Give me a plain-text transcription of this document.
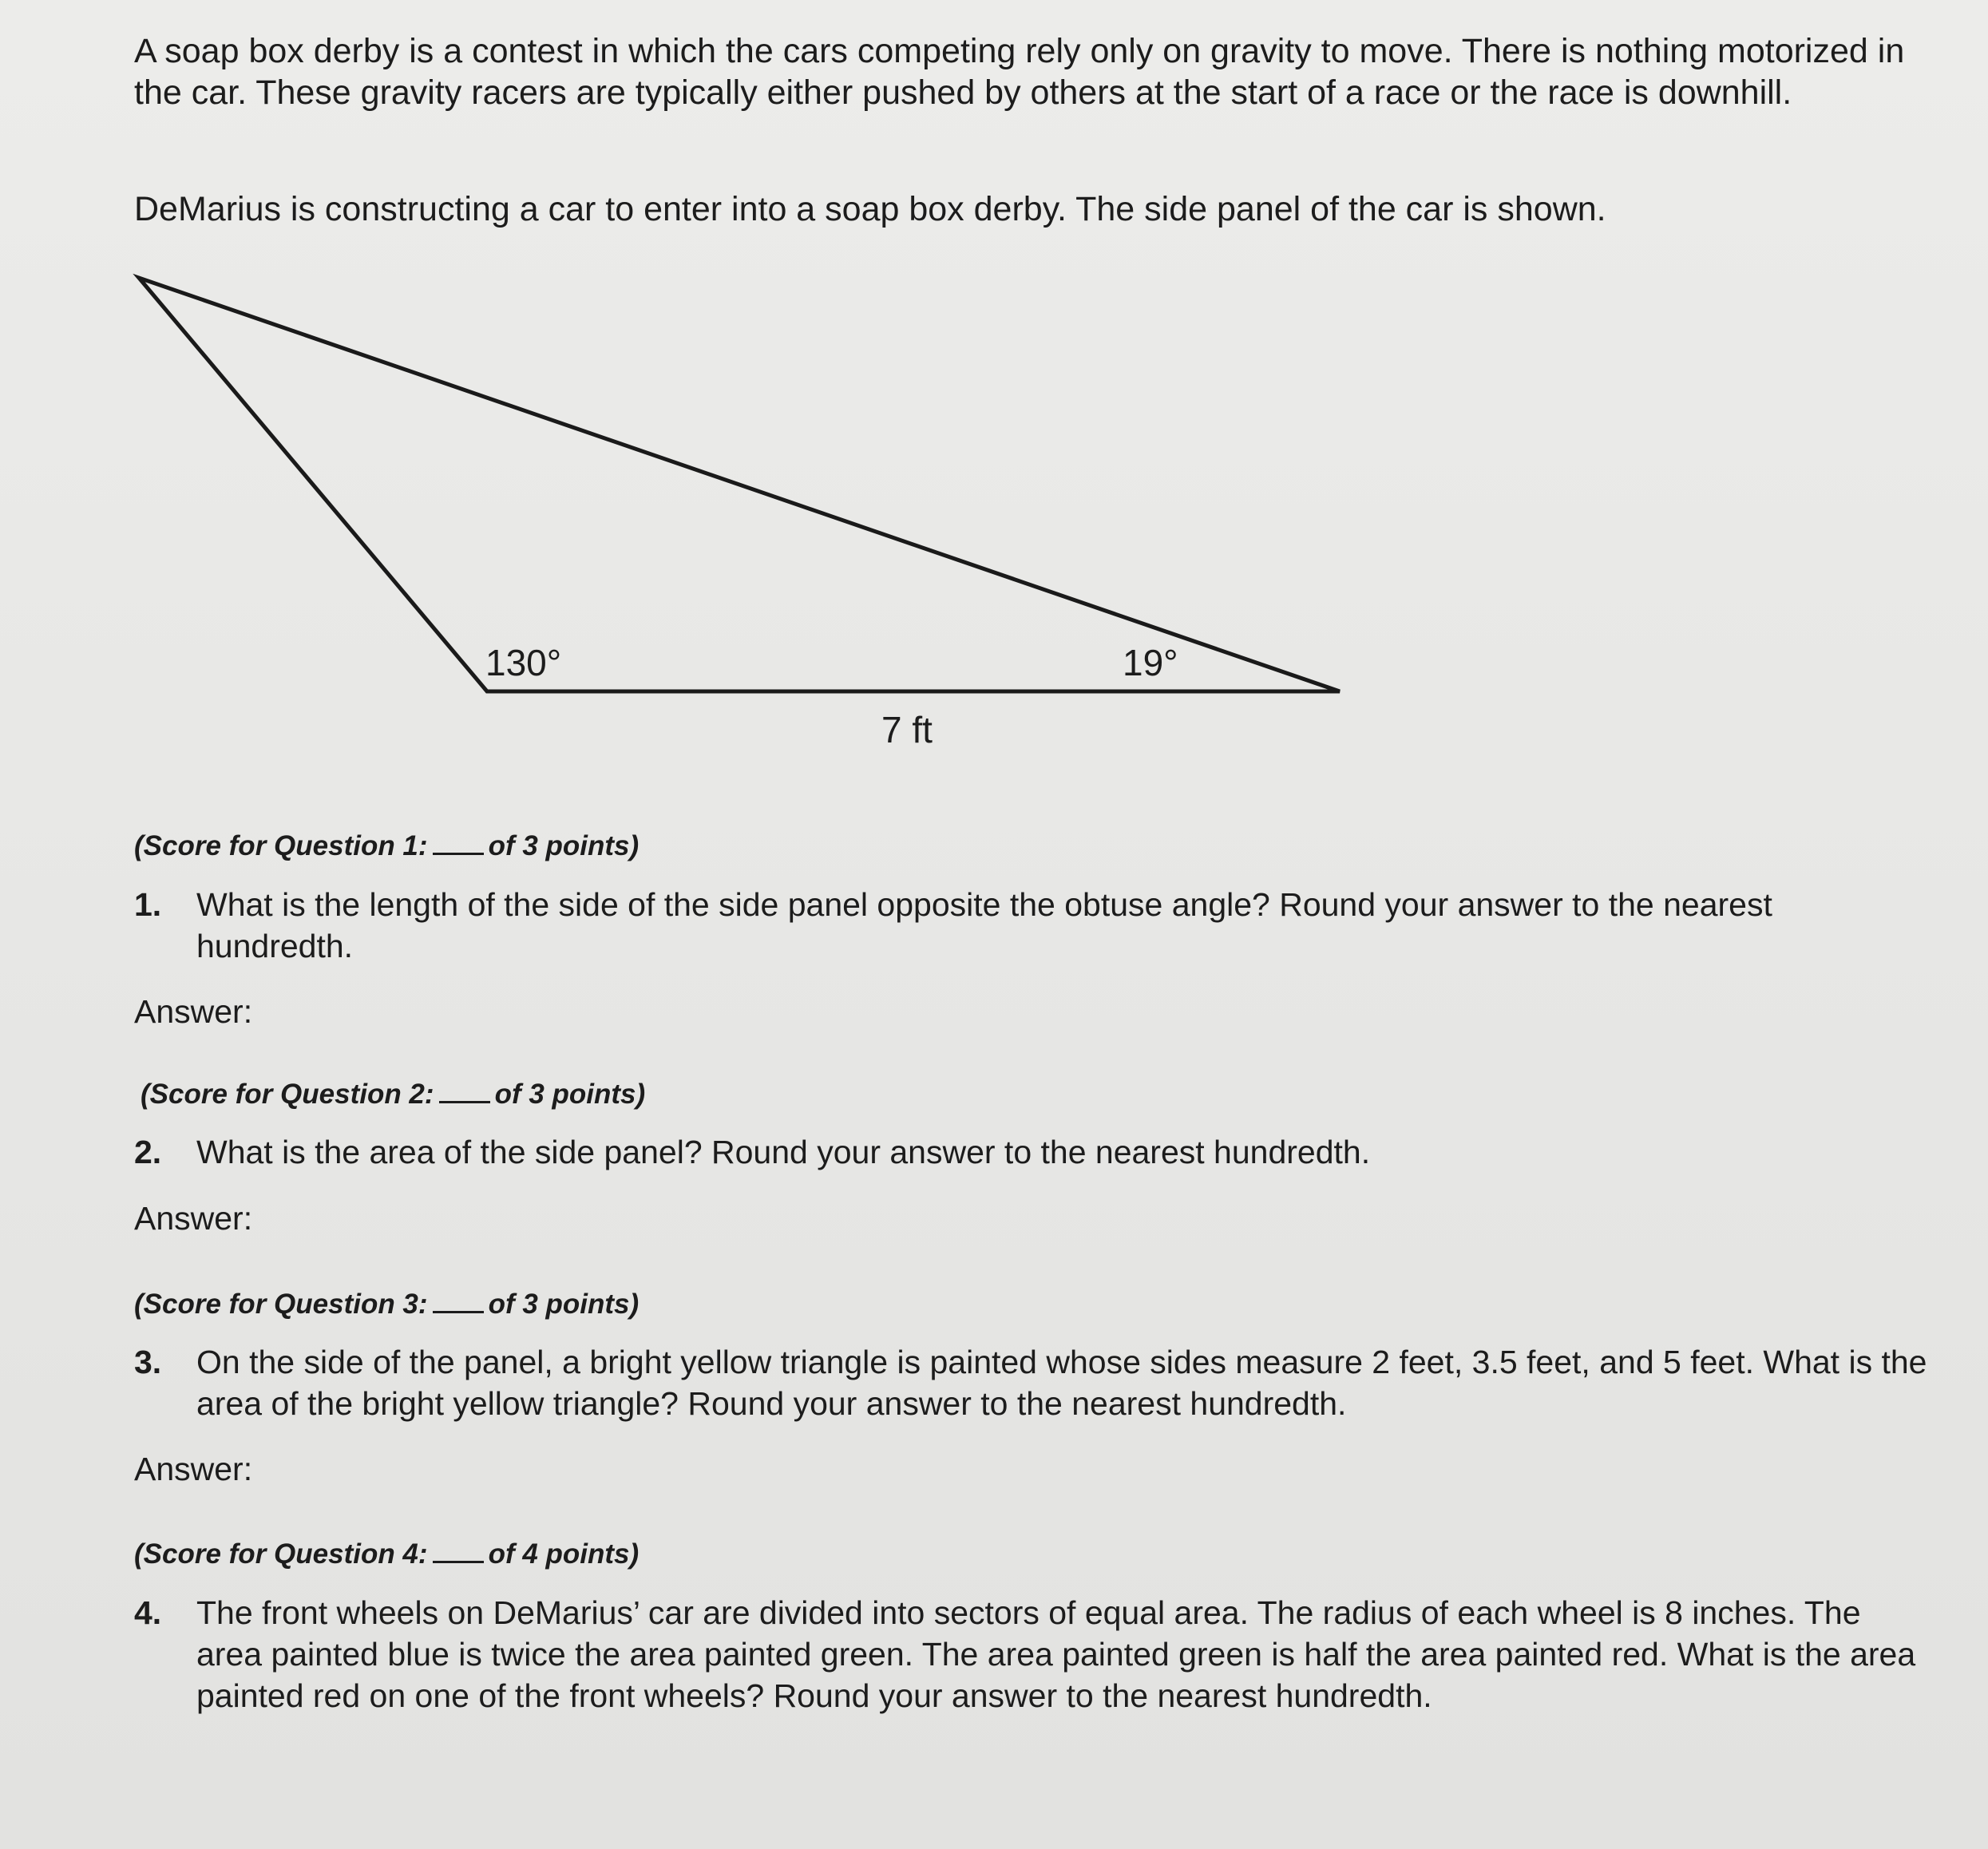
A soap box derby is a contest in which the cars competing rely only on gravity to move. There is nothing motorized in the car. These gravity racers are typically either pushed by others at the start of a race or the race is downhill.

DeMarius is constructing a car to enter into a soap box derby. The side panel of the car is shown.

130°	19°
7 ft
(Score for Question 1: of 3 points)
1. What is the length of the side of the side panel opposite the obtuse angle? Round your answer to the nearest hundredth.

Answer:
(Score for Question 2: of 3 points)
2. What is the area of the side panel? Round your answer to the nearest hundredth.

Answer:
(Score for Question 3: of 3 points)
3. On the side of the panel, a bright yellow triangle is painted whose sides measure 2 feet, 3.5 feet, and 5 feet. What is the area of the bright yellow triangle? Round your answer to the nearest hundredth.

Answer:
(Score for Question 4: of 4 points)
4. The front wheels on DeMarius’ car are divided into sectors of equal area. The radius of each wheel is 8 inches. The area painted blue is twice the area painted green. The area painted green is half the area painted red. What is the area painted red on one of the front wheels? Round your answer to the nearest hundredth.
